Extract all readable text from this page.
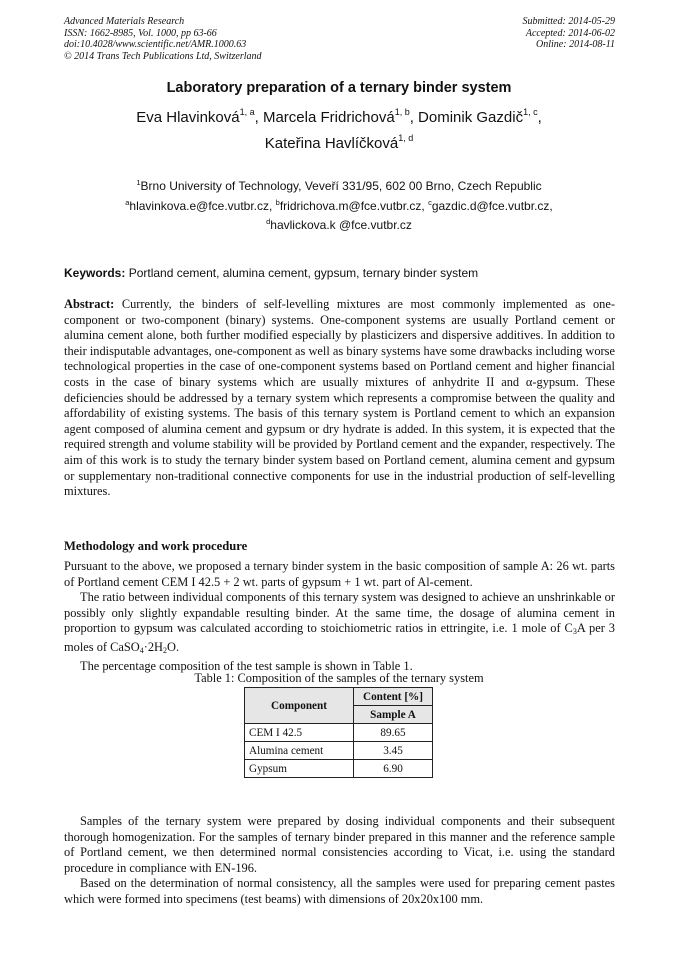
Advanced Materials Research
ISSN: 1662-8985, Vol. 1000, pp 63-66
doi:10.4028/www.scientific.net/AMR.1000.63
© 2014 Trans Tech Publications Ltd, Switzerland
Submitted: 2014-05-29
Accepted: 2014-06-02
Online: 2014-08-11
Laboratory preparation of a ternary binder system
Eva Hlavinková$^{1, a}$, Marcela Fridrichová$^{1, b}$, Dominik Gazdič$^{1, c}$,
Kateřina Havlíčková$^{1, d}$
$^1$Brno University of Technology, Veveří 331/95, 602 00 Brno, Czech Republic
$^a$hlavinkova.e@fce.vutbr.cz, $^b$fridrichova.m@fce.vutbr.cz, $^c$gazdic.d@fce.vutbr.cz,
$^d$havlickova.k @fce.vutbr.cz
Keywords: Portland cement, alumina cement, gypsum, ternary binder system
Abstract: Currently, the binders of self-levelling mixtures are most commonly implemented as one-component or two-component (binary) systems. One-component systems are usually Portland cement or alumina cement alone, both further modified especially by plasticizers and dispersive additives. In addition to their indisputable advantages, one-component as well as binary systems have some drawbacks including worse technological properties in the case of one-component systems based on Portland cement and higher financial costs in the case of binary systems which are usually mixtures of anhydrite II and α-gypsum. These deficiencies should be addressed by a ternary system which represents a compromise between the quality and affordability of existing systems. The basis of this ternary system is Portland cement to which an expansion agent composed of alumina cement and gypsum or dry hydrate is added. In this system, it is expected that the required strength and volume stability will be provided by Portland cement and the expander, respectively. The aim of this work is to study the ternary binder system based on Portland cement, alumina cement and gypsum or supplementary non-traditional connective components for use in the industrial production of self-levelling mixtures.
Methodology and work procedure

Pursuant to the above, we proposed a ternary binder system in the basic composition of sample A: 26 wt. parts of Portland cement CEM I 42.5 + 2 wt. parts of gypsum + 1 wt. part of Al-cement.

The ratio between individual components of this ternary system was designed to achieve an unshrinkable or possibly only slightly expandable resulting binder. At the same time, the dosage of alumina cement in proportion to gypsum was calculated according to stoichiometric ratios in ettringite, i.e. 1 mole of $C_3A$ per 3 moles of $CaSO_4\cdot 2H_2O$.

The percentage composition of the test sample is shown in Table 1.

Table 1: Composition of the samples of the ternary system
Component	Content [%]
	Sample A
CEM I 42.5	89.65
Alumina cement	3.45
Gypsum	6.90

Samples of the ternary system were prepared by dosing individual components and their subsequent thorough homogenization. For the samples of ternary binder prepared in this manner and the reference sample of Portland cement, we then determined normal consistencies according to Vicat, i.e. using the standard procedure in compliance with EN-196.

Based on the determination of normal consistency, all the samples were used for preparing cement pastes which were formed into specimens (test beams) with dimensions of 20x20x100 mm.
